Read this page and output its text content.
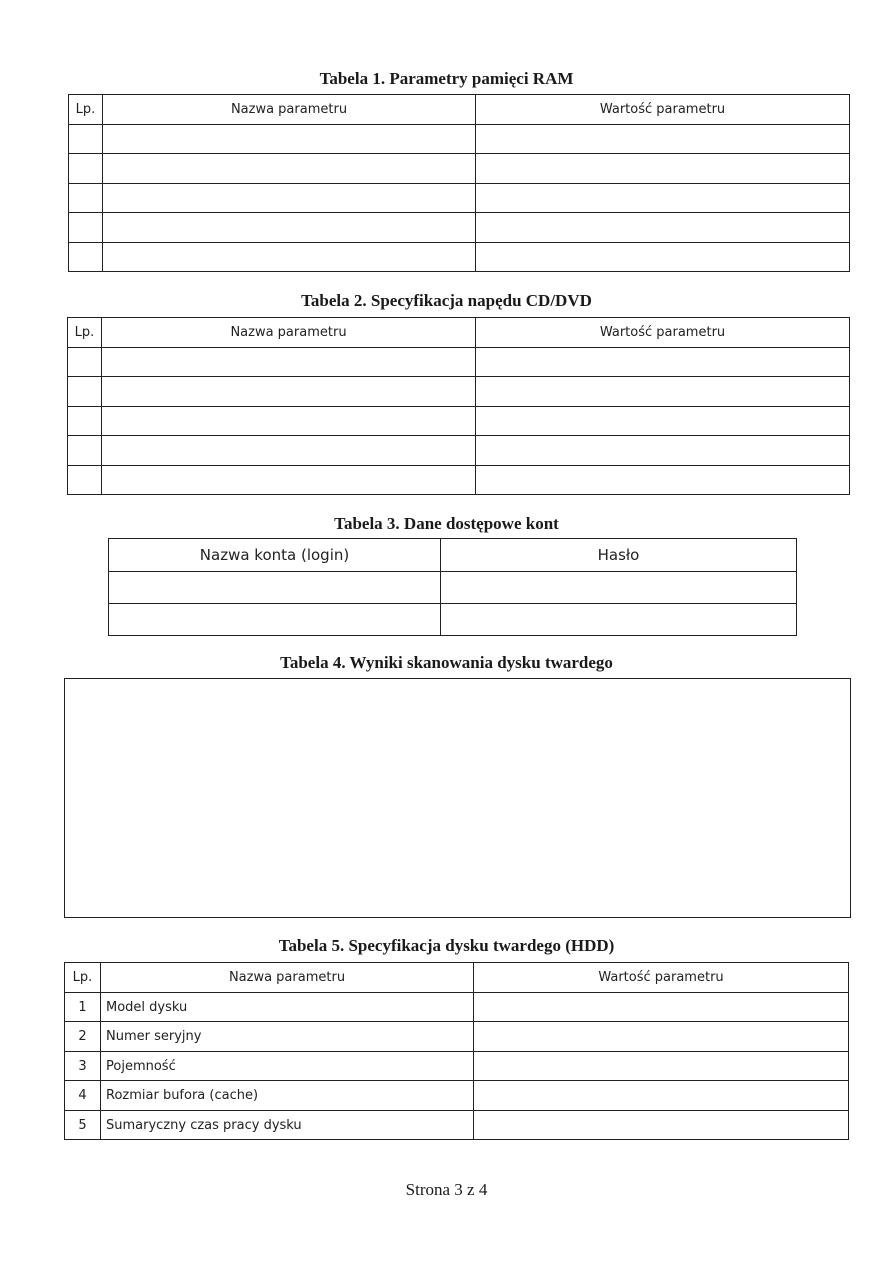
Tabela 1. Parametry pamięci RAM
Lp.	Nazwa parametru	Wartość parametru

Tabela 2. Specyfikacja napędu CD/DVD
Lp.	Nazwa parametru	Wartość parametru

Tabela 3. Dane dostępowe kont
Nazwa konta (login)	Hasło

Tabela 4. Wyniki skanowania dysku twardego
Tabela 5. Specyfikacja dysku twardego (HDD)
Lp.	Nazwa parametru	Wartość parametru
1	Model dysku	
2	Numer seryjny	
3	Pojemność	
4	Rozmiar bufora (cache)	
5	Sumaryczny czas pracy dysku	
Strona 3 z 4
